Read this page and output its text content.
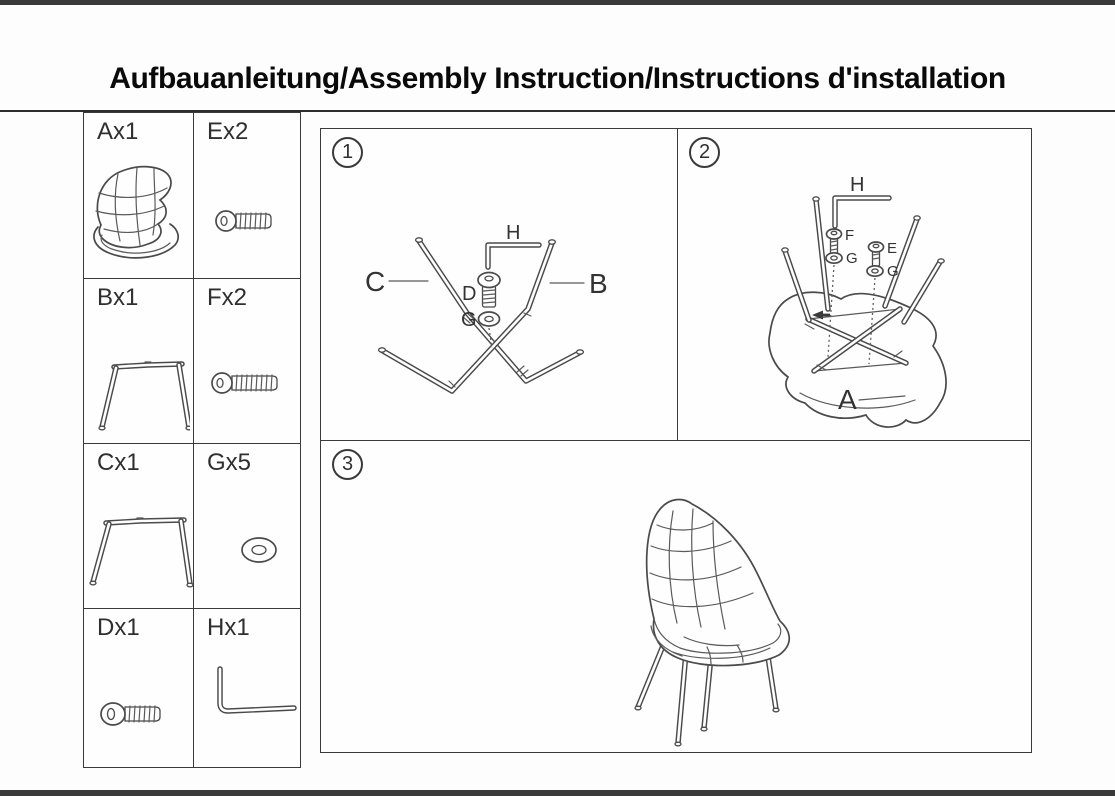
Aufbauanleitung/Assembly Instruction/Instructions d'installation
Ax1	Ex2
Bx1	Fx2
Cx1	Gx5
Dx1	Hx1
1
C	B
H
D
G
2
H
F
G
E
G
A
3
